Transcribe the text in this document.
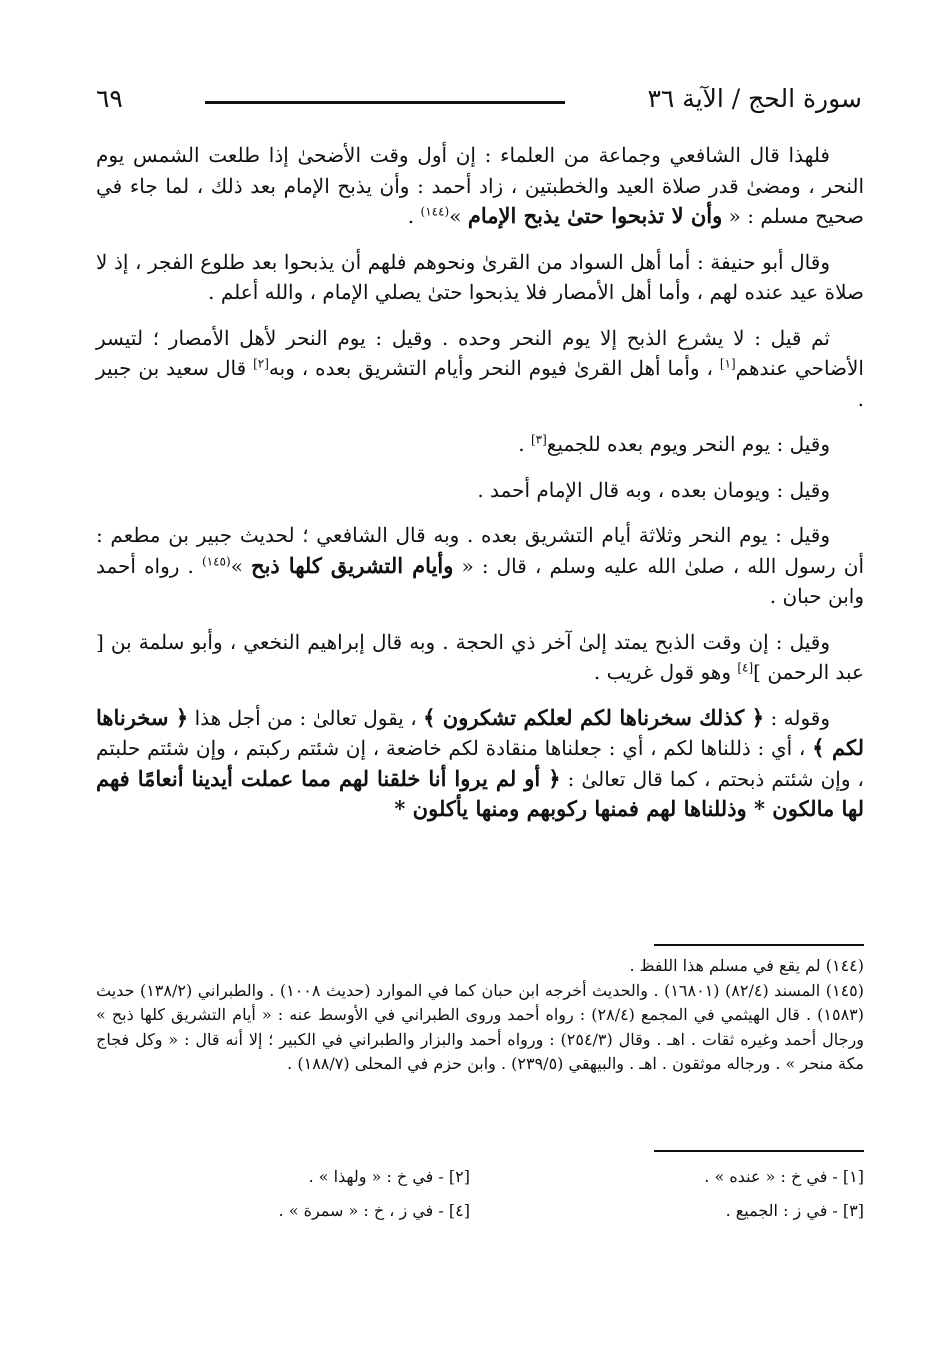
سورة الحج / الآية ٣٦
٦٩

فلهذا قال الشافعي وجماعة من العلماء : إن أول وقت الأضحىٰ إذا طلعت الشمس يوم النحر ، ومضىٰ قدر صلاة العيد والخطبتين ، زاد أحمد : وأن يذبح الإمام بعد ذلك ، لما جاء في صحيح مسلم : « وأن لا تذبحوا حتىٰ يذبح الإمام »$^{(١٤٤)}$ .

وقال أبو حنيفة : أما أهل السواد من القرىٰ ونحوهم فلهم أن يذبحوا بعد طلوع الفجر ، إذ لا صلاة عيد عنده لهم ، وأما أهل الأمصار فلا يذبحوا حتىٰ يصلي الإمام ، والله أعلم .

ثم قيل : لا يشرع الذبح إلا يوم النحر وحده . وقيل : يوم النحر لأهل الأمصار ؛ لتيسر الأضاحي عندهم[١] ، وأما أهل القرىٰ فيوم النحر وأيام التشريق بعده ، وبه[٢] قال سعيد بن جبير .

وقيل : يوم النحر ويوم بعده للجميع[٣] .

وقيل : ويومان بعده ، وبه قال الإمام أحمد .

وقيل : يوم النحر وثلاثة أيام التشريق بعده . وبه قال الشافعي ؛ لحديث جبير بن مطعم : أن رسول الله ، صلىٰ الله عليه وسلم ، قال : « وأيام التشريق كلها ذبح »$^{(١٤٥)}$ . رواه أحمد وابن حبان .

وقيل : إن وقت الذبح يمتد إلىٰ آخر ذي الحجة . وبه قال إبراهيم النخعي ، وأبو سلمة بن [ عبد الرحمن ][٤] وهو قول غريب .

وقوله : ﴿ كذلك سخرناها لكم لعلكم تشكرون ﴾ ، يقول تعالىٰ : من أجل هذا ﴿ سخرناها لكم ﴾ ، أي : ذللناها لكم ، أي : جعلناها منقادة لكم خاضعة ، إن شئتم ركبتم ، وإن شئتم حلبتم ، وإن شئتم ذبحتم ، كما قال تعالىٰ : ﴿ أو لم يروا أنا خلقنا لهم مما عملت أيدينا أنعامًا فهم لها مالكون * وذللناها لهم فمنها ركوبهم ومنها يأكلون *

(١٤٤) لم يقع في مسلم هذا اللفظ .

(١٤٥) المسند (٨٢/٤) (١٦٨٠١) . والحديث أخرجه ابن حبان كما في الموارد (حديث ١٠٠٨) . والطبراني (١٣٨/٢) حديث (١٥٨٣) . قال الهيثمي في المجمع (٢٨/٤) : رواه أحمد وروى الطبراني في الأوسط عنه : « أيام التشريق كلها ذبح » ورجال أحمد وغيره ثقات . اهـ . وقال (٢٥٤/٣) : ورواه أحمد والبزار والطبراني في الكبير ؛ إلا أنه قال : « وكل فجاج مكة منحر » . ورجاله موثقون . اهـ . والبيهقي (٢٣٩/٥) . وابن حزم في المحلى (١٨٨/٧) .

[١] - في خ : « عنده » .
[٢] - في خ : « ولهذا » .
[٣] - في ز : الجميع .
[٤] - في ز ، خ : « سمرة » .
